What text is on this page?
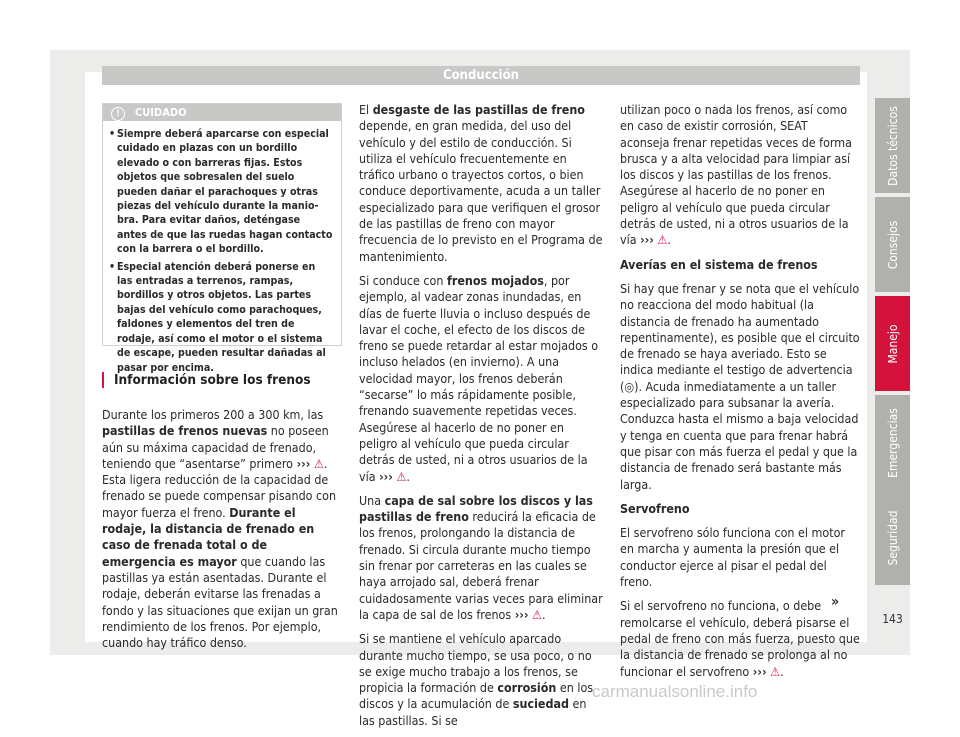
Conducción
! CUIDADO
• Siempre deberá aparcarse con especial cuidado en plazas con un bordillo elevado o con barreras fijas. Estos objetos que sobresalen del suelo pueden dañar el parachoques y otras piezas del vehículo durante la maniobra. Para evitar daños, deténgase antes de que las ruedas hagan contacto con la barrera o el bordillo.
• Especial atención deberá ponerse en las entradas a terrenos, rampas, bordillos y otros objetos. Las partes bajas del vehículo como parachoques, faldones y elementos del tren de rodaje, así como el motor o el sistema de escape, pueden resultar dañadas al pasar por encima.
Información sobre los frenos

Durante los primeros 200 a 300 km, las pastillas de frenos nuevas no poseen aún su máxima capacidad de frenado, teniendo que “asentarse” primero ››› ⚠. Esta ligera reducción de la capacidad de frenado se puede compensar pisando con mayor fuerza el freno. Durante el rodaje, la distancia de frenado en caso de frenada total o de emergencia es mayor que cuando las pastillas ya están asentadas. Durante el rodaje, deberán evitarse las frenadas a fondo y las situaciones que exijan un gran rendimiento de los frenos. Por ejemplo, cuando hay tráfico denso.

El desgaste de las pastillas de freno depende, en gran medida, del uso del vehículo y del estilo de conducción. Si utiliza el vehículo frecuentemente en tráfico urbano o trayectos cortos, o bien conduce deportivamente, acuda a un taller especializado para que verifiquen el grosor de las pastillas de freno con mayor frecuencia de lo previsto en el Programa de mantenimiento.

Si conduce con frenos mojados, por ejemplo, al vadear zonas inundadas, en días de fuerte lluvia o incluso después de lavar el coche, el efecto de los discos de freno se puede retardar al estar mojados o incluso helados (en invierno). A una velocidad mayor, los frenos deberán “secarse” lo más rápidamente posible, frenando suavemente repetidas veces. Asegúrese al hacerlo de no poner en peligro al vehículo que pueda circular detrás de usted, ni a otros usuarios de la vía ››› ⚠.

Una capa de sal sobre los discos y las pastillas de freno reducirá la eficacia de los frenos, prolongando la distancia de frenado. Si circula durante mucho tiempo sin frenar por carreteras en las cuales se haya arrojado sal, deberá frenar cuidadosamente varias veces para eliminar la capa de sal de los frenos ››› ⚠.

Si se mantiene el vehículo aparcado durante mucho tiempo, se usa poco, o no se exige mucho trabajo a los frenos, se propicia la formación de corrosión en los discos y la acumulación de suciedad en las pastillas. Si se

utilizan poco o nada los frenos, así como en caso de existir corrosión, SEAT aconseja frenar repetidas veces de forma brusca y a alta velocidad para limpiar así los discos y las pastillas de los frenos. Asegúrese al hacerlo de no poner en peligro al vehículo que pueda circular detrás de usted, ni a otros usuarios de la vía ››› ⚠.

Averías en el sistema de frenos

Si hay que frenar y se nota que el vehículo no reacciona del modo habitual (la distancia de frenado ha aumentado repentinamente), es posible que el circuito de frenado se haya averiado. Esto se indica mediante el testigo de advertencia (◎). Acuda inmediatamente a un taller especializado para subsanar la avería. Conduzca hasta el mismo a baja velocidad y tenga en cuenta que para frenar habrá que pisar con más fuerza el pedal y que la distancia de frenado será bastante más larga.

Servofreno

El servofreno sólo funciona con el motor en marcha y aumenta la presión que el conductor ejerce al pisar el pedal del freno.

Si el servofreno no funciona, o debe remolcarse el vehículo, deberá pisarse el pedal de freno con más fuerza, puesto que la distancia de frenado se prolonga al no funcionar el servofreno ››› ⚠.

»
Datos técnicos
Consejos
Manejo
Emergencias
Seguridad
143
carmanualsonline.info
